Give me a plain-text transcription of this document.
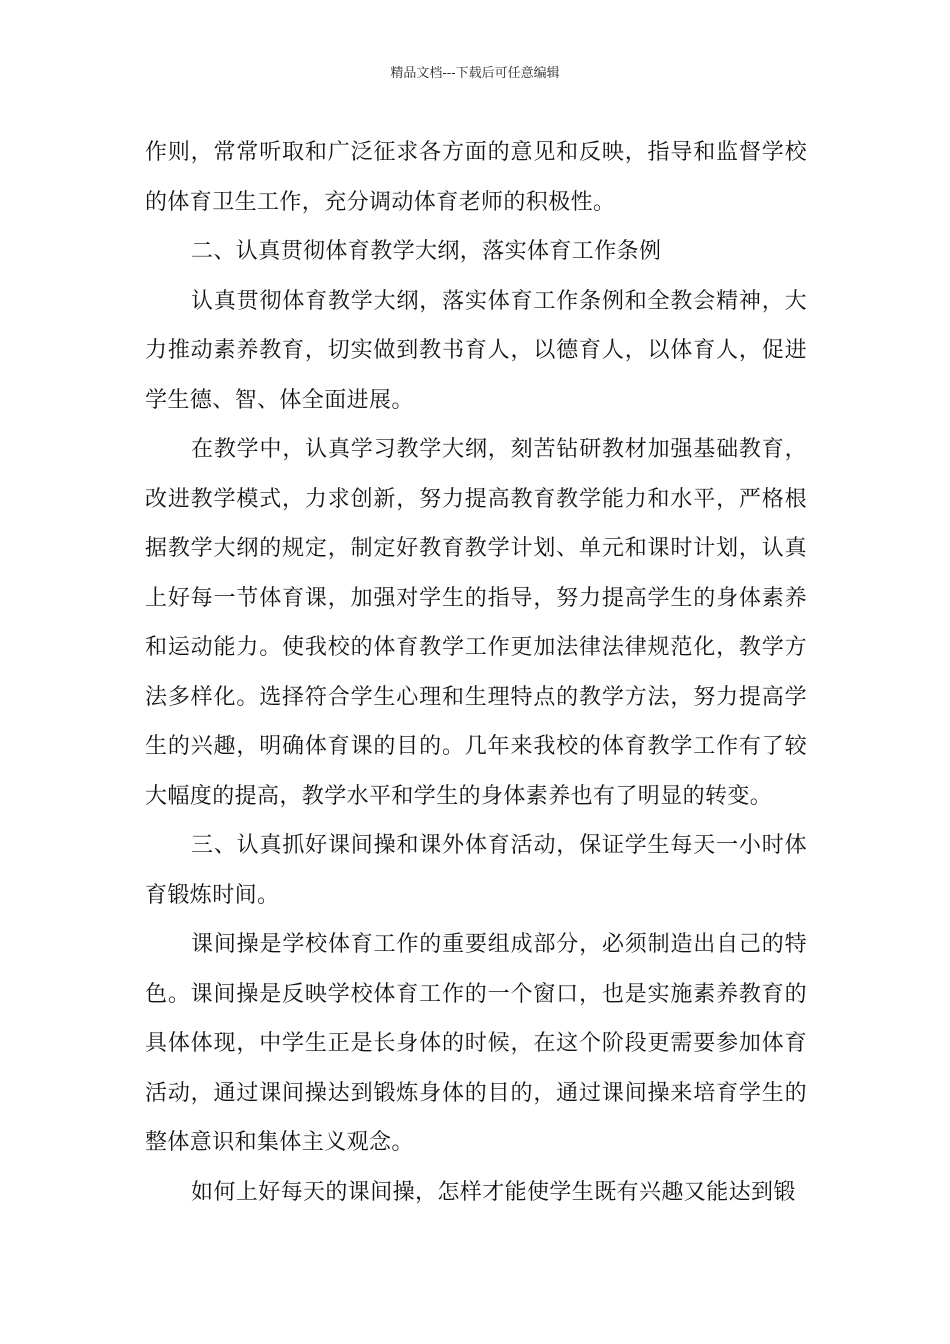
精品文档---下载后可任意编辑

作则，常常听取和广泛征求各方面的意见和反映，指导和监督学校的体育卫生工作，充分调动体育老师的积极性。

二、认真贯彻体育教学大纲，落实体育工作条例

认真贯彻体育教学大纲，落实体育工作条例和全教会精神，大力推动素养教育，切实做到教书育人，以德育人，以体育人，促进学生德、智、体全面进展。

在教学中，认真学习教学大纲，刻苦钻研教材加强基础教育，改进教学模式，力求创新，努力提高教育教学能力和水平，严格根据教学大纲的规定，制定好教育教学计划、单元和课时计划，认真上好每一节体育课，加强对学生的指导，努力提高学生的身体素养和运动能力。使我校的体育教学工作更加法律法律规范化，教学方法多样化。选择符合学生心理和生理特点的教学方法，努力提高学生的兴趣，明确体育课的目的。几年来我校的体育教学工作有了较大幅度的提高，教学水平和学生的身体素养也有了明显的转变。

三、认真抓好课间操和课外体育活动，保证学生每天一小时体育锻炼时间。

课间操是学校体育工作的重要组成部分，必须制造出自己的特色。课间操是反映学校体育工作的一个窗口，也是实施素养教育的具体体现，中学生正是长身体的时候，在这个阶段更需要参加体育活动，通过课间操达到锻炼身体的目的，通过课间操来培育学生的整体意识和集体主义观念。

如何上好每天的课间操，怎样才能使学生既有兴趣又能达到锻
